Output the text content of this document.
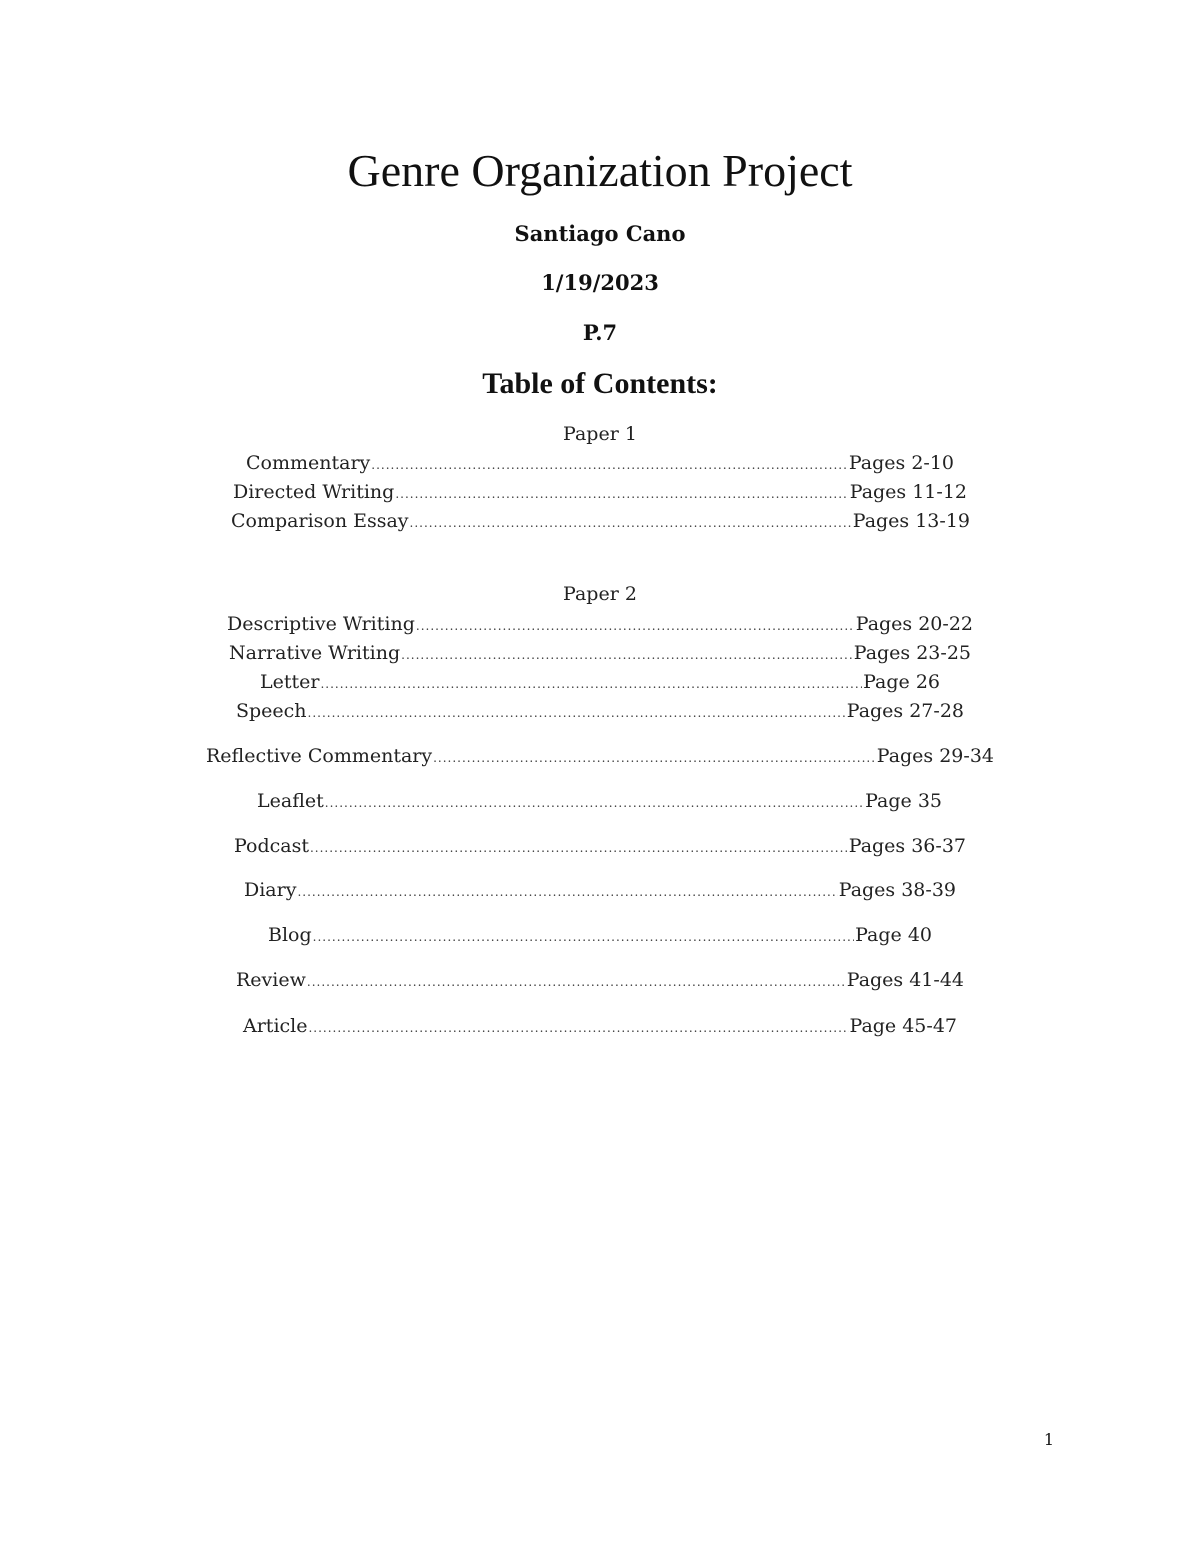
Genre Organization Project
Santiago Cano
1/19/2023
P.7
Table of Contents:
Paper 1
Commentary .....	Pages 2-10
Directed Writing .....	Pages 11-12
Comparison Essay .....	Pages 13-19
Paper 2
Descriptive Writing .....	Pages 20-22
Narrative Writing .....	Pages 23-25
Letter .....	Page 26
Speech .....	Pages 27-28
Reflective Commentary .....	Pages 29-34
Leaflet .....	Page 35
Podcast .....	Pages 36-37
Diary .....	Pages 38-39
Blog .....	Page 40
Review .....	Pages 41-44
Article .....	Page 45-47
1
